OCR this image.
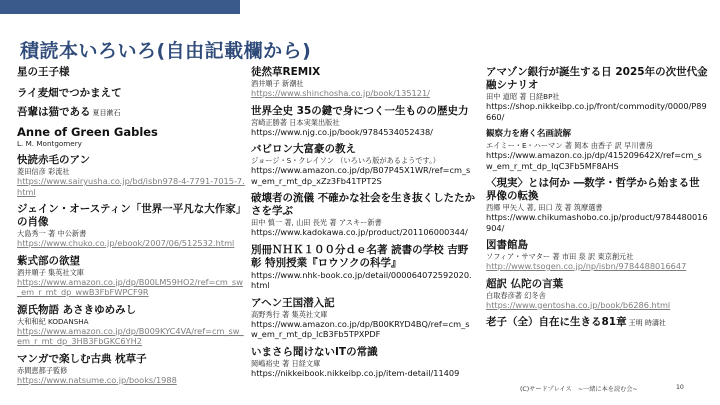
積読本いろいろ(自由記載欄から)
星の王子様
ライ麦畑でつかまえて
吾輩は猫である 夏目漱石
Anne of Green Gables
L. M. Montgomery
快読赤毛のアン
菱田信彦 彩流社
https://www.sairyusha.co.jp/bd/isbn978-4-7791-7015-7.html
ジェイン・オースティン「世界一平凡な大作家」の肖像
大島秀一 著 中公新書
https://www.chuko.co.jp/ebook/2007/06/512532.html
紫式部の欲望
酒井順子 集英社文庫
https://www.amazon.co.jp/dp/B00LM59HO2/ref=cm_sw_em_r_mt_dp_wwB3FbFWPCF9R
源氏物語 あさきゆめみし
大和和紀 KODANSHA
https://www.amazon.co.jp/dp/B009KYC4VA/ref=cm_sw_em_r_mt_dp_3HB3FbGKC6YH2
マンガで楽しむ古典 枕草子
赤間恵都子監修
https://www.natsume.co.jp/books/1988
徒然草REMIX
酒井順子 新潮社
https://www.shinchosha.co.jp/book/135121/
世界全史 35の鍵で身につく一生ものの歴史力
宮崎正勝著 日本実業出版社
https://www.njg.co.jp/book/9784534052438/
バビロン大富豪の教え
ジョージ・S・クレイソン （いろいろ版があるようです。）
https://www.amazon.co.jp/dp/B07P45X1WR/ref=cm_sw_em_r_mt_dp_xZz3Fb41TPT2S
破壊者の流儀 不確かな社会を生き抜くしたたかさを学ぶ
田中 慎一 著, 山田 長光 著 アスキー新書
https://www.kadokawa.co.jp/product/201106000344/
別冊ＮＨＫ１００分ｄｅ名著 読書の学校 吉野彰 特別授業『ロウソクの科学』
https://www.nhk-book.co.jp/detail/000064072592020.html
アヘン王国潜入記
高野秀行 著 集英社文庫
https://www.amazon.co.jp/dp/B00KRYD4BQ/ref=cm_sw_em_r_mt_dp_lcB3Fb5TPXPDF
いまさら聞けないITの常識
岡嶋裕史 著 日経文庫
https://nikkeibook.nikkeibp.co.jp/item-detail/11409
アマゾン銀行が誕生する日 2025年の次世代金融シナリオ
田中 道昭 著 日経BP社
https://shop.nikkeibp.co.jp/front/commodity/0000/P89660/
観察力を磨く名画読解
エイミー・E・ハーマン 著 岡本 由香子 訳 早川書房
https://www.amazon.co.jp/dp/415209642X/ref=cm_sw_em_r_mt_dp_IqC3Fb5MF8AHS
〈現実〉とは何か ―数学・哲学から始まる世界像の転換
西郷 甲矢人 著, 田口 茂 著 筑摩選書
https://www.chikumashobo.co.jp/product/9784480016904/
図書館島
ソフィア・サマター 著 市田 泉 訳 東京創元社
http://www.tsogen.co.jp/np/isbn/9784488016647
超訳 仏陀の言葉
白取春彦著 幻冬舎
https://www.gentosha.co.jp/book/b6286.html
老子（全）自在に生きる81章 王明 時濤社
(C)サードプレイス　~一緒に本を読む会~	10
